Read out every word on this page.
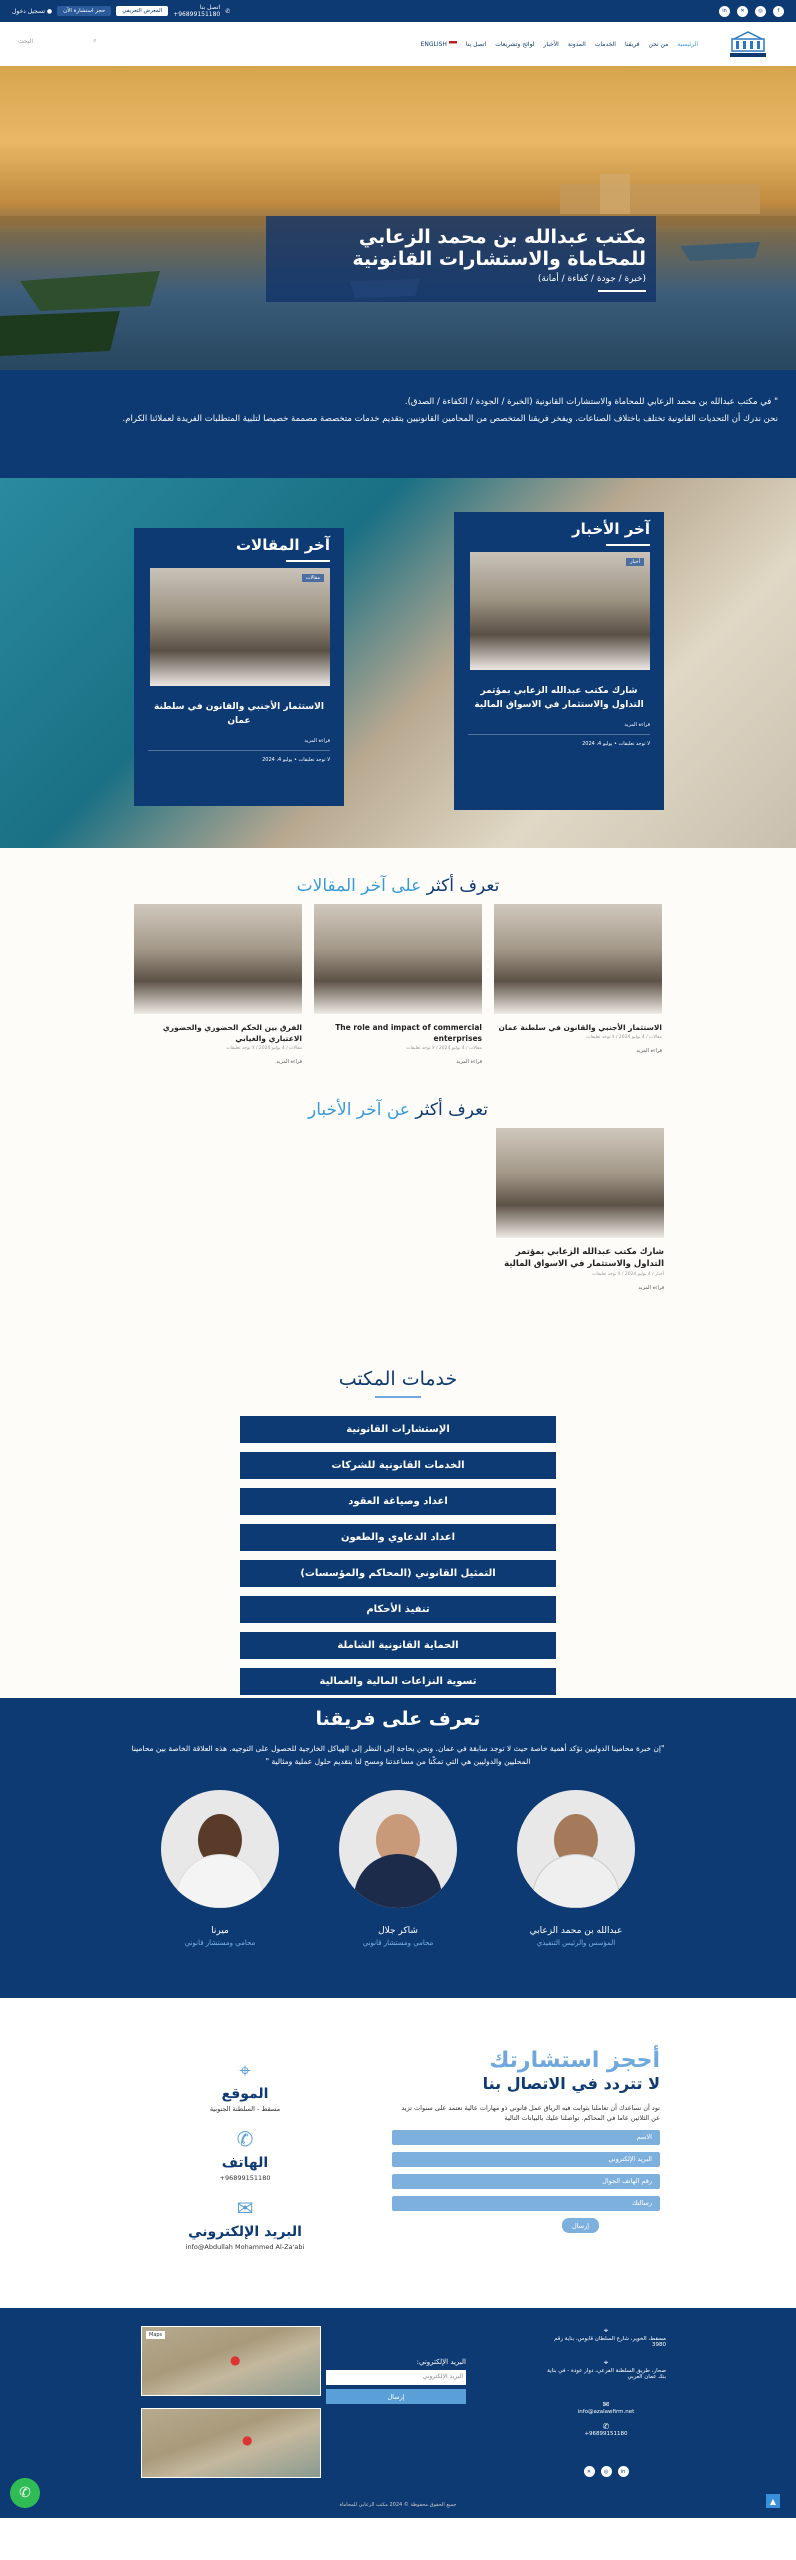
f
◎
✕
in
✆
اتصل بنا
96899151180+
المعرض التعريفي
حجز استشارة الآن
● تسجيل دخول
الرئيسية
من نحن
فريقنا
الخدمات
المدونة
الأخبار
لوائح وتشريعات
اتصل بنا
ENGLISH
⌕
البحث
مكتب عبدالله بن محمد الزعابي للمحاماة والاستشارات القانونية

(خبرة / جودة / كفاءة / أمانة)

" في مكتب عبدالله بن محمد الزعابي للمحاماة والاستشارات القانونية (الخبرة / الجودة / الكفاءة / الصدق).

نحن ندرك أن التحديات القانونية تختلف باختلاف الصناعات. ويفخر فريقنا المتخصص من المحامين القانونيين بتقديم خدمات متخصصة مصممة خصيصا لتلبية المتطلبات الفريدة لعملائنا الكرام.

آخر الأخبار
أخبار
شارك مكتب عبدالله الزعابي بمؤتمر التداول والاستثمار في الاسواق المالية
قراءة المزيد
لا توجد تعليقات • يوليو 4، 2024
آخر المقالات
مقالات
الاستثمار الأجنبي والقانون في سلطنة عمان
قراءة المزيد
لا توجد تعليقات • يوليو 4، 2024
تعرف أكثر على آخر المقالات
الاستثمار الأجنبي والقانون في سلطنة عمان
مقالات / 4 يوليو 2024 / لا توجد تعليقات
قراءة المزيد
The role and impact of commercial enterprises
مقالات / 4 يوليو 2024 / لا توجد تعليقات
قراءة المزيد
الفرق بين الحكم الحضوري والحضوري الاعتباري والغيابي
مقالات / 4 يوليو 2024 / لا توجد تعليقات
قراءة المزيد
تعرف أكثر عن آخر الأخبار
شارك مكتب عبدالله الزعابي بمؤتمر التداول والاستثمار في الاسواق المالية
أخبار / 4 يوليو 2024 / لا توجد تعليقات
قراءة المزيد
خدمات المكتب
الإستشارات القانونية
الخدمات القانونية للشركات
اعداد وصياغة العقود
اعداد الدعاوي والطعون
التمثيل القانوني (المحاكم والمؤسسات)
تنفيذ الأحكام
الحماية القانونية الشاملة
تسوية النزاعات المالية والعمالية
تعرف على فريقنا

"إن خبرة محامينا الدوليين تؤكد أهمية خاصة حيث لا توجد سابقة في عمان. ونحن بحاجة إلى النظر إلى الهياكل الخارجية للحصول على التوجيه. هذه العلاقة الخاصة بين محامينا المحليين والدوليين هي التي تمكّنا من مساعدتنا ومسح لنا بتقديم حلول عملية ومثالية "

عبدالله بن محمد الزعابي
المؤسس والرئيس التنفيذي
شاكر جلال
محامي ومستشار قانوني
ميرنا
محامي ومستشار قانوني
أحجز استشارتك
لا تتردد في الاتصال بنا

نود أن نساعدك أن تعاملنا بثوابت فيه الرياق عمل قانوني ذو مهارات عالية تعتمد على سنوات تزيد عن الثلاثين عاما في المحاكم. تواصلنا عليك بالبيانات التالية

الاسم
البريد الإلكتروني
رقم الهاتف الجوال
رسالتك
إرسال
⌖
الموقع
مسقط - السلطنة الجنوبية
✆
الهاتف
96899151180+
✉
البريد الإلكتروني
info@Abdullah Mohammed Al-Za'abi
Maps
●
●
⌖
مسقط، الخوير، شارع السلطان قابوس، بناية رقم 3980
⌖
صحار، طريق السلطنة الفرعي، دوار عودة - في بناية بنك عمان العربي
✉
info@azalawfirm.net
✆
96899151180+
in
◎
✕
البريد الإلكتروني:
البريد الإلكتروني
إرسال
جميع الحقوق محفوظة © 2024 مكتب الزعابي للمحاماة
✆	▲
